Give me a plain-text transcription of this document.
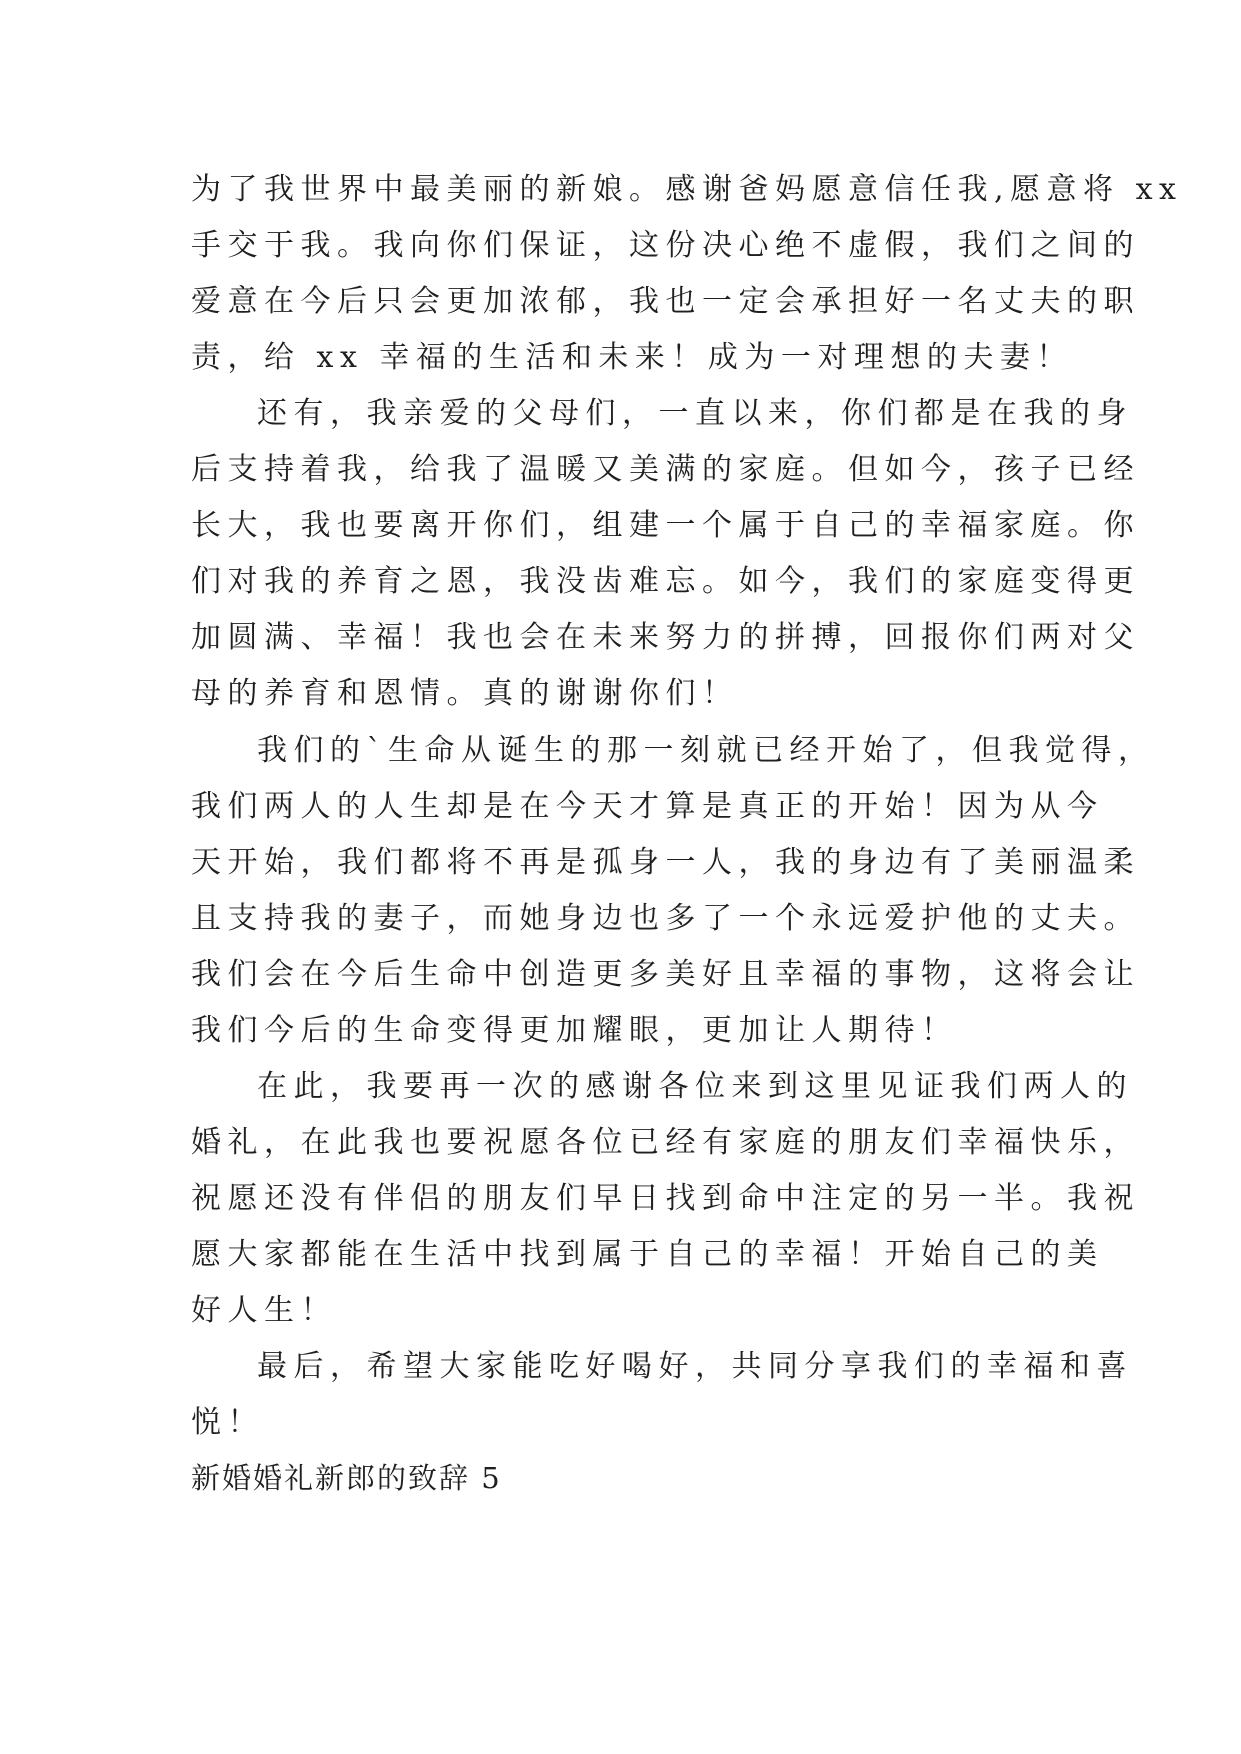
为了我世界中最美丽的新娘。感谢爸妈愿意信任我,愿意将 xx
手交于我。我向你们保证，这份决心绝不虚假，我们之间的
爱意在今后只会更加浓郁，我也一定会承担好一名丈夫的职
责，给 xx 幸福的生活和未来！成为一对理想的夫妻！
还有，我亲爱的父母们，一直以来，你们都是在我的身
后支持着我，给我了温暖又美满的家庭。但如今，孩子已经
长大，我也要离开你们，组建一个属于自己的幸福家庭。你
们对我的养育之恩，我没齿难忘。如今，我们的家庭变得更
加圆满、幸福！我也会在未来努力的拼搏，回报你们两对父
母的养育和恩情。真的谢谢你们！
我们的`生命从诞生的那一刻就已经开始了，但我觉得，
我们两人的人生却是在今天才算是真正的开始！因为从今
天开始，我们都将不再是孤身一人，我的身边有了美丽温柔
且支持我的妻子，而她身边也多了一个永远爱护他的丈夫。
我们会在今后生命中创造更多美好且幸福的事物，这将会让
我们今后的生命变得更加耀眼，更加让人期待！
在此，我要再一次的感谢各位来到这里见证我们两人的
婚礼，在此我也要祝愿各位已经有家庭的朋友们幸福快乐，
祝愿还没有伴侣的朋友们早日找到命中注定的另一半。我祝
愿大家都能在生活中找到属于自己的幸福！开始自己的美
好人生！
最后，希望大家能吃好喝好，共同分享我们的幸福和喜
悦！
新婚婚礼新郎的致辞 5
